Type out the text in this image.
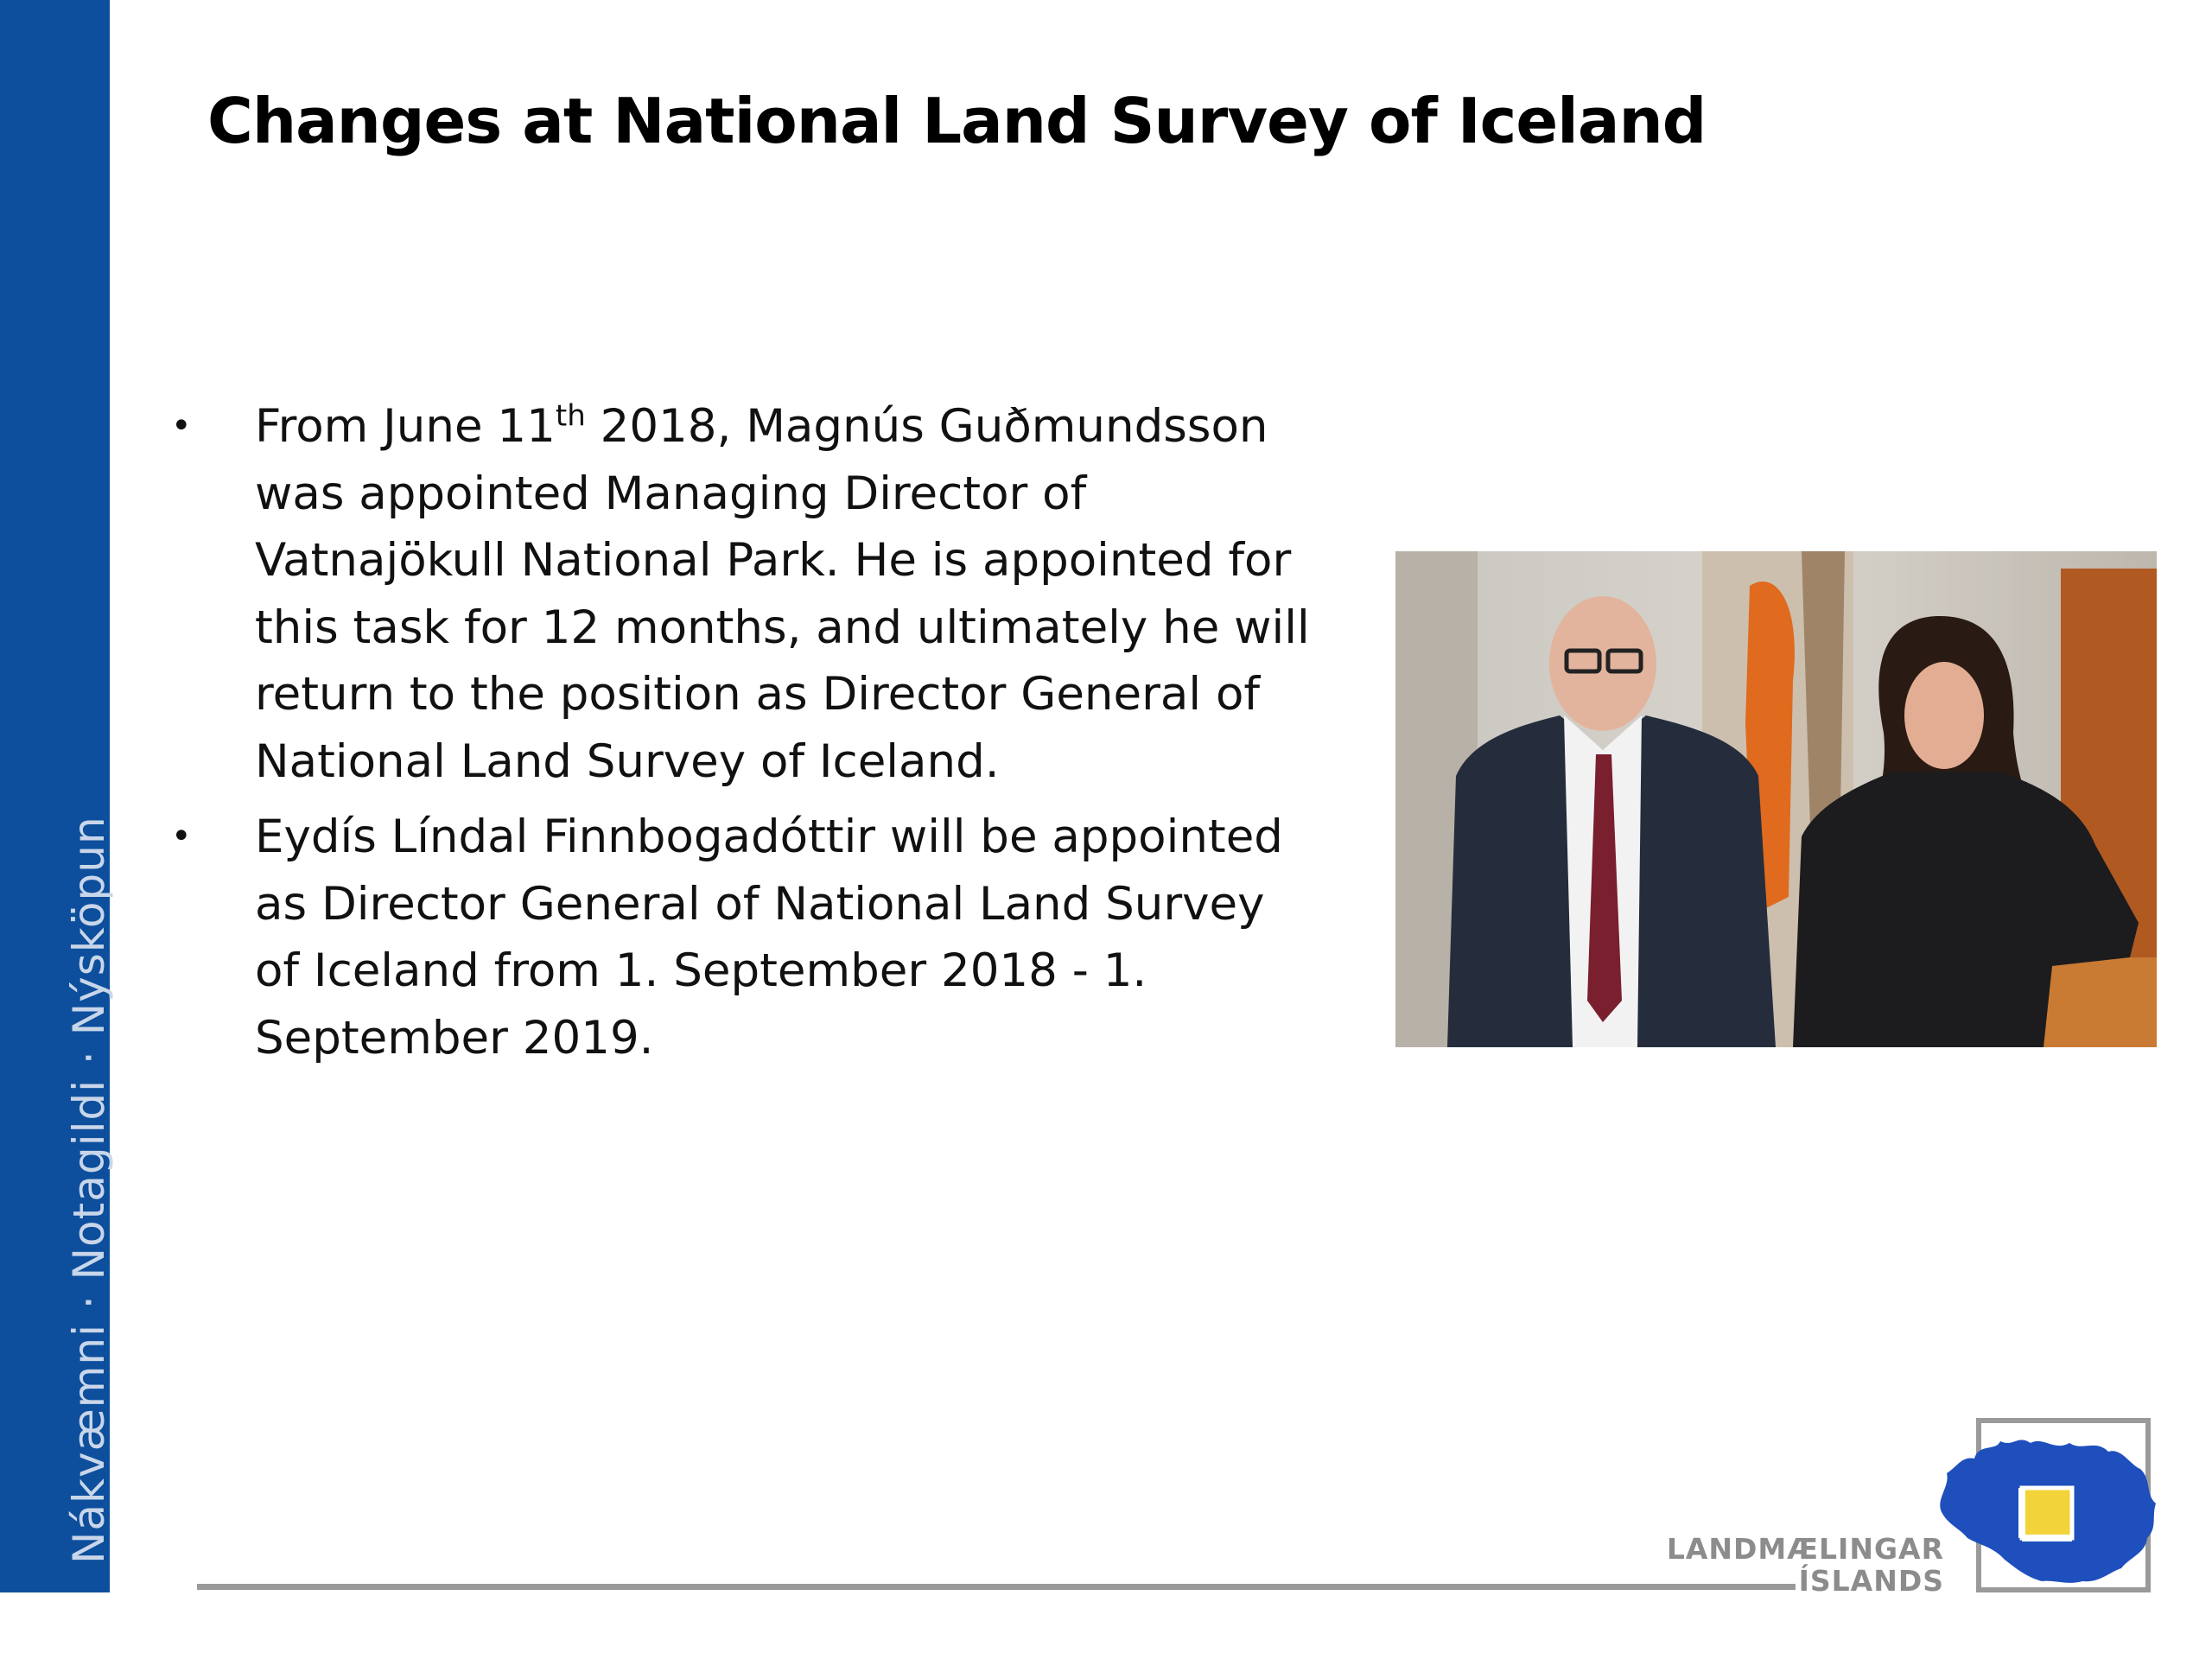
Nákvæmni · Notagildi · Nýsköpun
Changes at National Land Survey of Iceland
• From June 11th 2018, Magnús Guðmundsson was appointed Managing Director of Vatnajökull National Park. He is appointed for this task for 12 months, and ultimately he will return to the position as Director General of National Land Survey of Iceland.
• Eydís Líndal Finnbogadóttir will be appointed as Director General of National Land Survey of Iceland from 1. September 2018 - 1. September 2019.
LANDMÆLINGAR
ÍSLANDS
